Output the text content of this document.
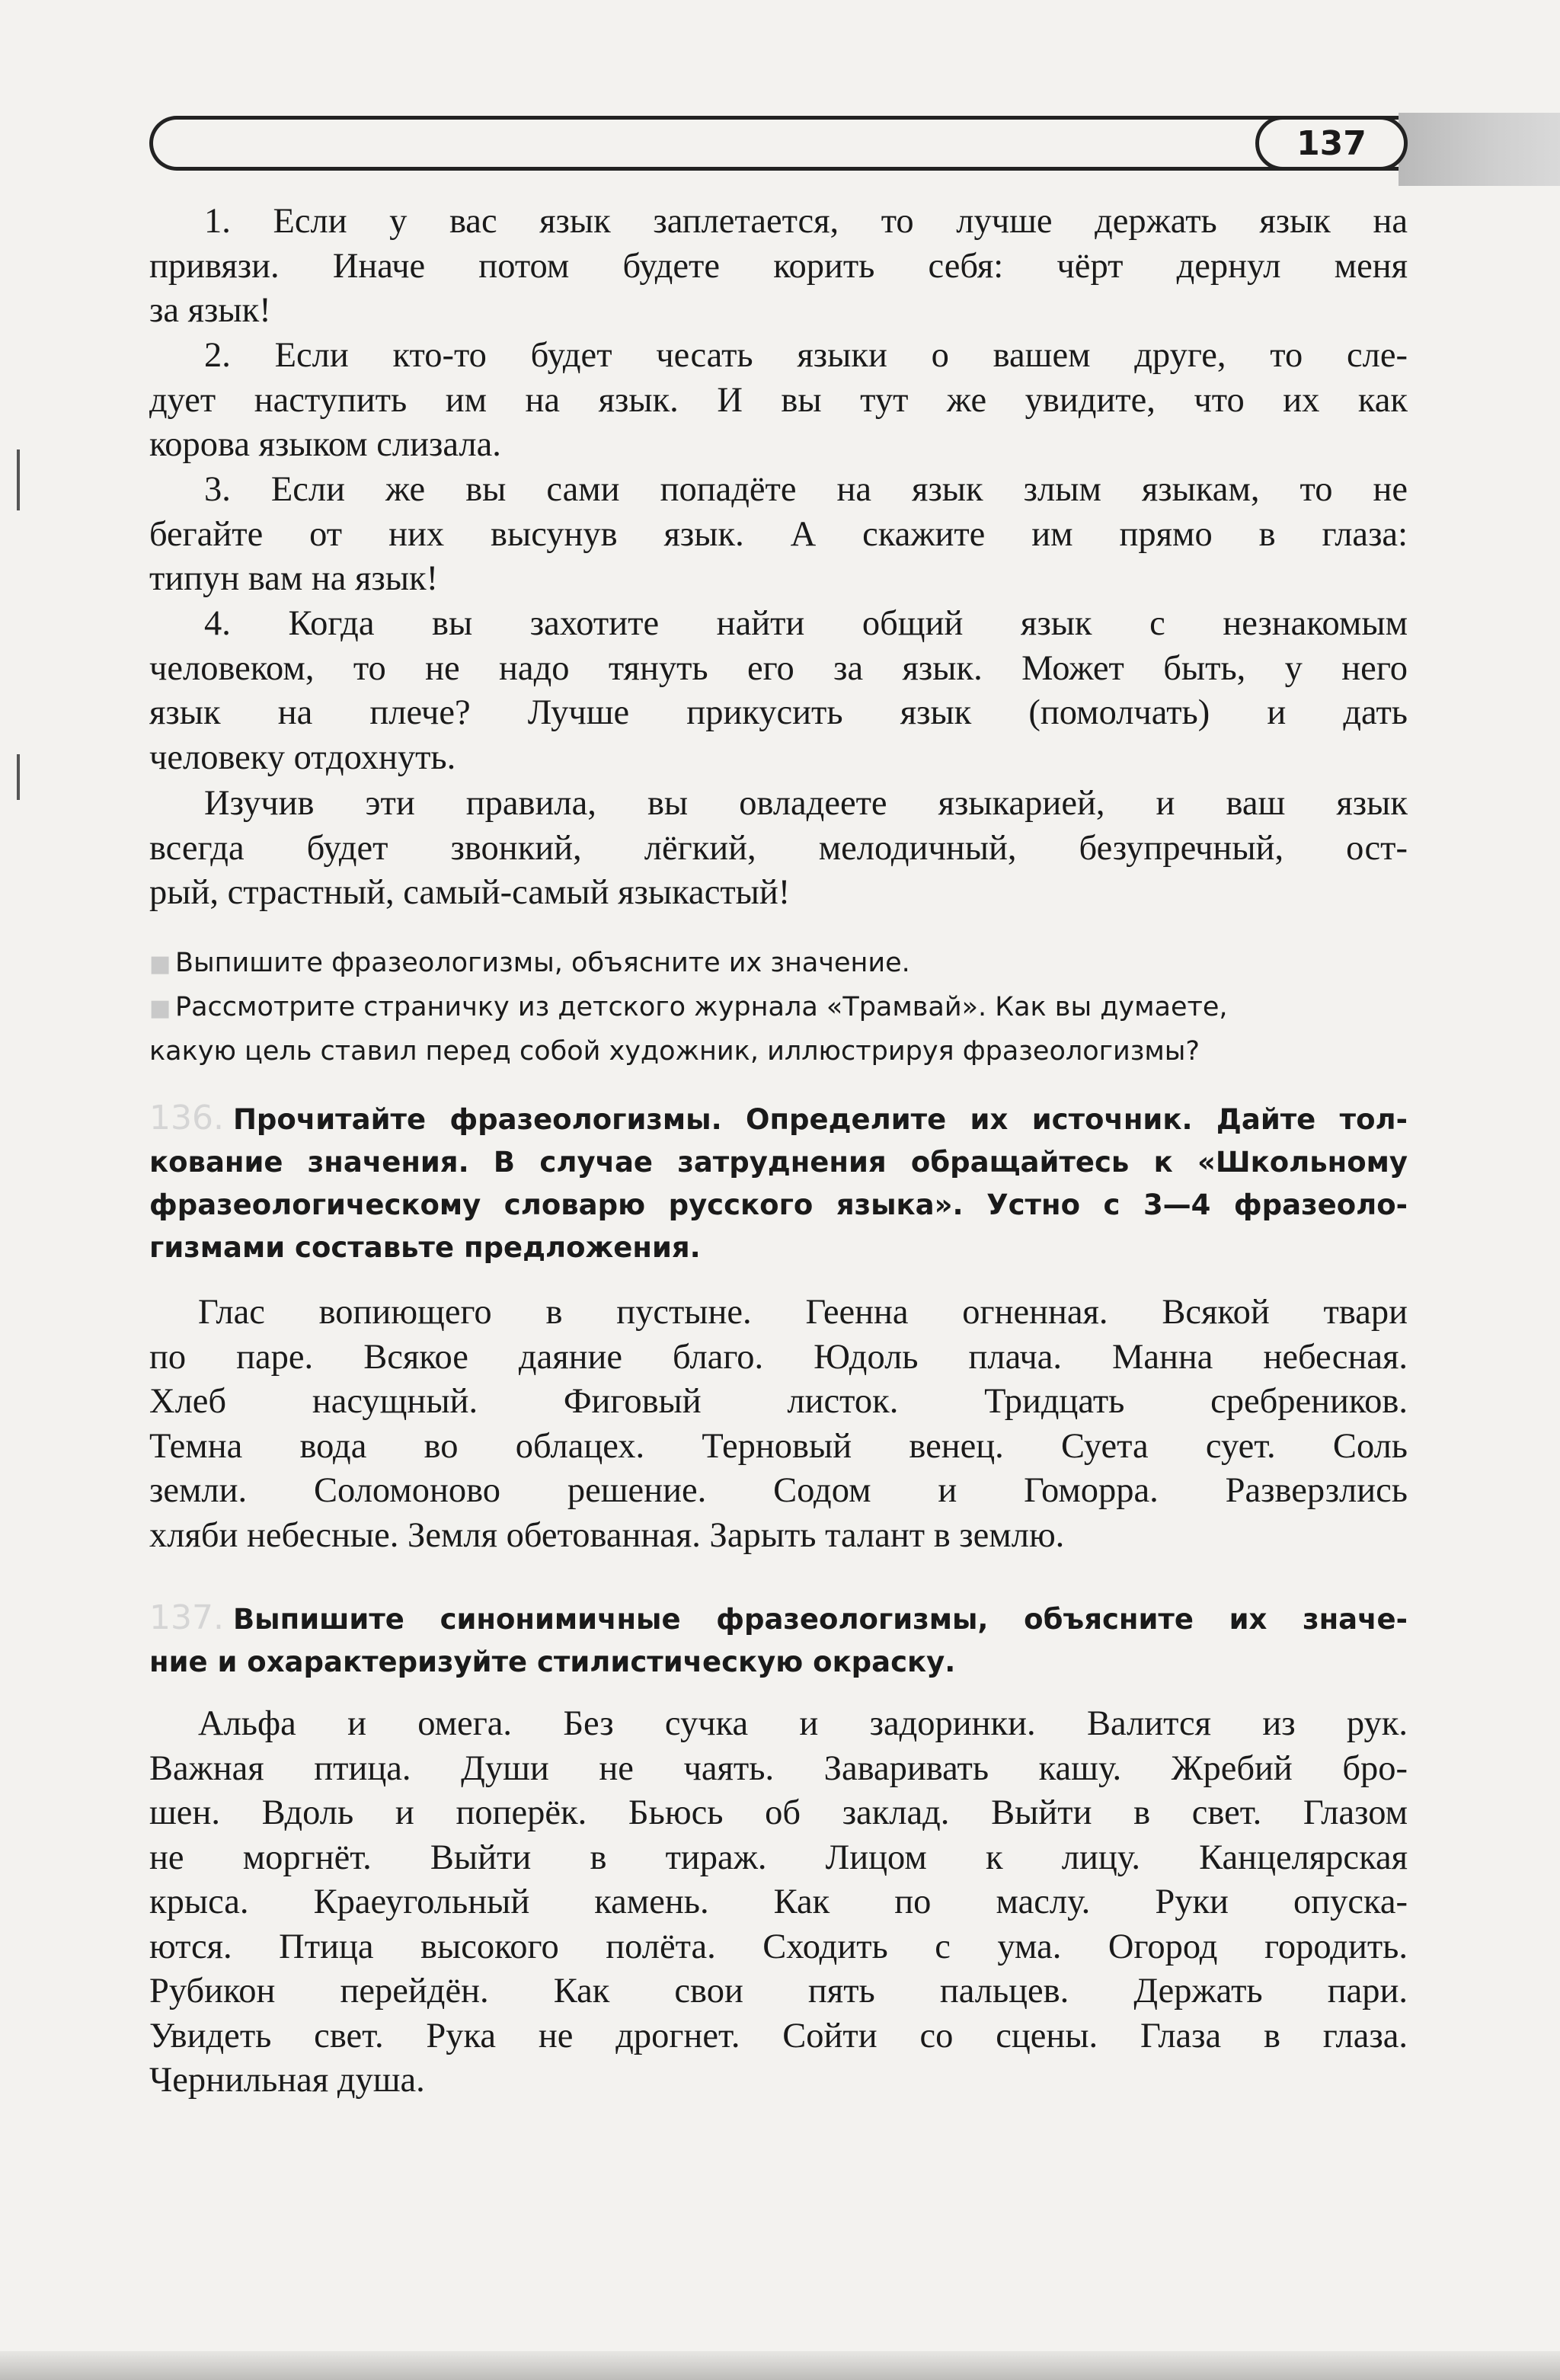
137

1. Если у вас язык заплетается, то лучше держать язык на
привязи. Иначе потом будете корить себя: чёрт дернул меня
за язык!

2. Если кто-то будет чесать языки о вашем друге, то сле-
дует наступить им на язык. И вы тут же увидите, что их как
корова языком слизала.

3. Если же вы сами попадёте на язык злым языкам, то не
бегайте от них высунув язык. А скажите им прямо в глаза:
типун вам на язык!

4. Когда вы захотите найти общий язык с незнакомым
человеком, то не надо тянуть его за язык. Может быть, у него
язык на плече? Лучше прикусить язык (помолчать) и дать
человеку отдохнуть.

Изучив эти правила, вы овладеете языкарией, и ваш язык
всегда будет звонкий, лёгкий, мелодичный, безупречный, ост-
рый, страстный, самый-самый языкастый!

■ Выпишите фразеологизмы, объясните их значение.
■ Рассмотрите страничку из детского журнала «Трамвай». Как вы думаете,
какую цель ставил перед собой художник, иллюстрируя фразеологизмы?
136. Прочитайте фразеологизмы. Определите их источник. Дайте тол-
кование значения. В случае затруднения обращайтесь к «Школьному
фразеологическому словарю русского языка». Устно с 3—4 фразеоло-
гизмами составьте предложения.

Глас вопиющего в пустыне. Геенна огненная. Всякой твари
по паре. Всякое даяние благо. Юдоль плача. Манна небесная.
Хлеб насущный. Фиговый листок. Тридцать сребреников.
Темна вода во облацех. Терновый венец. Суета сует. Соль
земли. Соломоново решение. Содом и Гоморра. Разверзлись
хляби небесные. Земля обетованная. Зарыть талант в землю.

137. Выпишите синонимичные фразеологизмы, объясните их значе-
ние и охарактеризуйте стилистическую окраску.

Альфа и омега. Без сучка и задоринки. Валится из рук.
Важная птица. Души не чаять. Заваривать кашу. Жребий бро-
шен. Вдоль и поперёк. Бьюсь об заклад. Выйти в свет. Глазом
не моргнёт. Выйти в тираж. Лицом к лицу. Канцелярская
крыса. Краеугольный камень. Как по маслу. Руки опуска-
ются. Птица высокого полёта. Сходить с ума. Огород городить.
Рубикон перейдён. Как свои пять пальцев. Держать пари.
Увидеть свет. Рука не дрогнет. Сойти со сцены. Глаза в глаза.
Чернильная душа.
